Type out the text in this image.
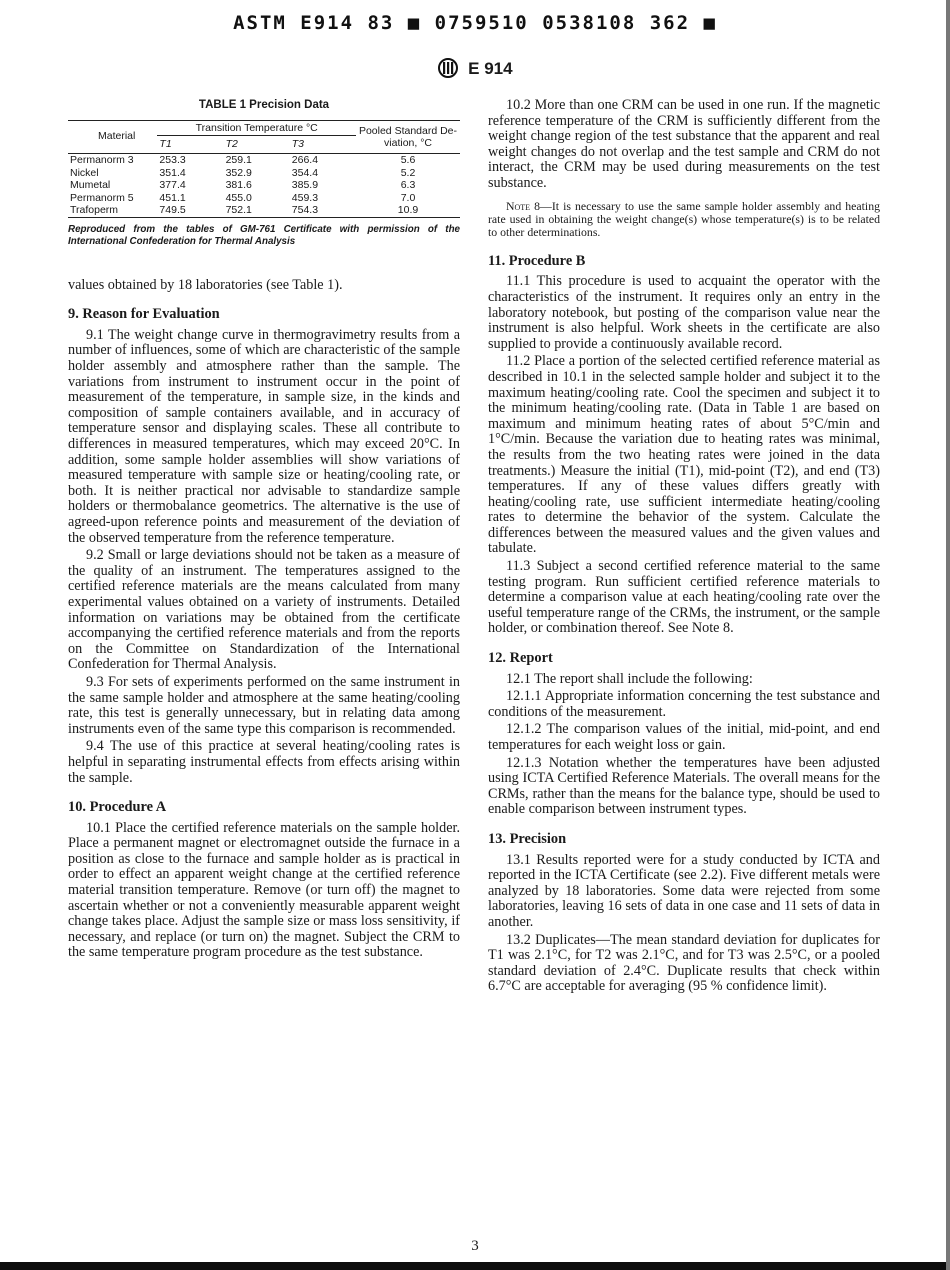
ASTM E914 83 ■ 0759510 0538108 362 ■
E 914
TABLE 1 Precision Data
Material	Transition Temperature °C			Pooled Standard De- viation, °C
	T1	T2	T3	
Permanorm 3	253.3	259.1	266.4	5.6
Nickel	351.4	352.9	354.4	5.2
Mumetal	377.4	381.6	385.9	6.3
Permanorm 5	451.1	455.0	459.3	7.0
Trafoperm	749.5	752.1	754.3	10.9
Reproduced from the tables of GM-761 Certificate with permission of the International Confederation for Thermal Analysis

values obtained by 18 laboratories (see Table 1).

9. Reason for Evaluation

9.1 The weight change curve in thermogravimetry results from a number of influences, some of which are characteristic of the sample holder assembly and atmosphere rather than the sample. The variations from instrument to instrument occur in the point of measurement of the temperature, in sample size, in the kinds and composition of sample containers available, and in accuracy of temperature sensor and displaying scales. These all contribute to differences in measured temperatures, which may exceed 20°C. In addition, some sample holder assemblies will show variations of measured temperature with sample size or heating/cooling rate, or both. It is neither practical nor advisable to standardize sample holders or thermobalance geometrics. The alternative is the use of agreed-upon reference points and measurement of the deviation of the observed temperature from the reference temperature.

9.2 Small or large deviations should not be taken as a measure of the quality of an instrument. The temperatures assigned to the certified reference materials are the means calculated from many experimental values obtained on a variety of instruments. Detailed information on variations may be obtained from the certificate accompanying the certified reference materials and from the reports on the Committee on Standardization of the International Confederation for Thermal Analysis.

9.3 For sets of experiments performed on the same instrument in the same sample holder and atmosphere at the same heating/cooling rate, this test is generally unnecessary, but in relating data among instruments even of the same type this comparison is recommended.

9.4 The use of this practice at several heating/cooling rates is helpful in separating instrumental effects from effects arising within the sample.

10. Procedure A

10.1 Place the certified reference materials on the sample holder. Place a permanent magnet or electromagnet outside the furnace in a position as close to the furnace and sample holder as is practical in order to effect an apparent weight change at the certified reference material transition temperature. Remove (or turn off) the magnet to ascertain whether or not a conveniently measurable apparent weight change takes place. Adjust the sample size or mass loss sensitivity, if necessary, and replace (or turn on) the magnet. Subject the CRM to the same temperature program procedure as the test substance.

10.2 More than one CRM can be used in one run. If the magnetic reference temperature of the CRM is sufficiently different from the weight change region of the test substance that the apparent and real weight changes do not overlap and the test sample and CRM do not interact, the CRM may be used during measurements on the test substance.

Note 8—It is necessary to use the same sample holder assembly and heating rate used in obtaining the weight change(s) whose temperature(s) is to be related to other determinations.
11. Procedure B

11.1 This procedure is used to acquaint the operator with the characteristics of the instrument. It requires only an entry in the laboratory notebook, but posting of the comparison value near the instrument is also helpful. Work sheets in the certificate are also supplied to provide a continuously available record.

11.2 Place a portion of the selected certified reference material as described in 10.1 in the selected sample holder and subject it to the maximum heating/cooling rate. Cool the specimen and subject it to the minimum heating/cooling rate. (Data in Table 1 are based on maximum and minimum heating rates of about 5°C/min and 1°C/min. Because the variation due to heating rates was minimal, the results from the two heating rates were joined in the data treatments.) Measure the initial (T1), mid-point (T2), and end (T3) temperatures. If any of these values differs greatly with heating/cooling rate, use sufficient intermediate heating/cooling rates to determine the behavior of the system. Calculate the differences between the measured values and the given values and tabulate.

11.3 Subject a second certified reference material to the same testing program. Run sufficient certified reference materials to determine a comparison value at each heating/cooling rate over the useful temperature range of the CRMs, the instrument, or the sample holder, or combination thereof. See Note 8.

12. Report

12.1 The report shall include the following:

12.1.1 Appropriate information concerning the test substance and conditions of the measurement.

12.1.2 The comparison values of the initial, mid-point, and end temperatures for each weight loss or gain.

12.1.3 Notation whether the temperatures have been adjusted using ICTA Certified Reference Materials. The overall means for the CRMs, rather than the means for the balance type, should be used to enable comparison between instrument types.

13. Precision

13.1 Results reported were for a study conducted by ICTA and reported in the ICTA Certificate (see 2.2). Five different metals were analyzed by 18 laboratories. Some data were rejected from some laboratories, leaving 16 sets of data in one case and 11 sets of data in another.

13.2 Duplicates—The mean standard deviation for duplicates for T1 was 2.1°C, for T2 was 2.1°C, and for T3 was 2.5°C, or a pooled standard deviation of 2.4°C. Duplicate results that check within 6.7°C are acceptable for averaging (95 % confidence limit).

3
